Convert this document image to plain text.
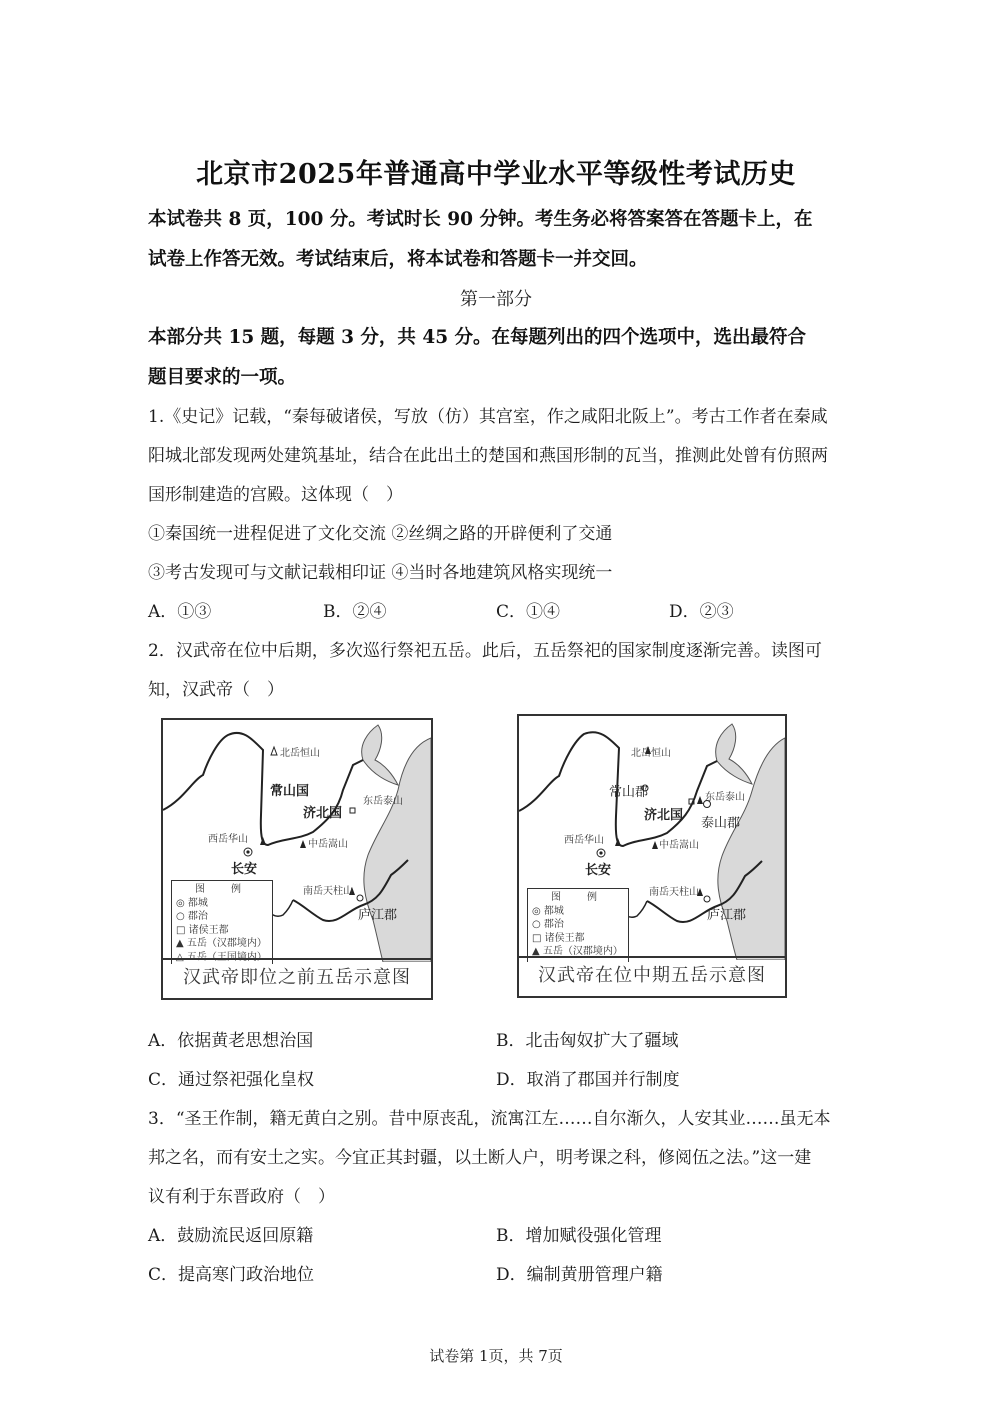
北京市2025年普通高中学业水平等级性考试历史
本试卷共 8 页，100 分。考试时长 90 分钟。考生务必将答案答在答题卡上，在
试卷上作答无效。考试结束后，将本试卷和答题卡一并交回。
第一部分
本部分共 15 题，每题 3 分，共 45 分。在每题列出的四个选项中，选出最符合
题目要求的一项。
1.《史记》记载，“秦每破诸侯，写放（仿）其宫室，作之咸阳北阪上”。考古工作者在秦咸
阳城北部发现两处建筑基址，结合在此出土的楚国和燕国形制的瓦当，推测此处曾有仿照两
国形制建造的宫殿。这体现（　）
①秦国统一进程促进了文化交流 ②丝绸之路的开辟便利了交通
③考古发现可与文献记载相印证 ④当时各地建筑风格实现统一
A．①③	B．②④	C．①④	D．②③
2．汉武帝在位中后期，多次巡行祭祀五岳。此后，五岳祭祀的国家制度逐渐完善。读图可
知，汉武帝（　）
北岳恒山
常山国
济北国
东岳泰山
西岳华山	中岳嵩山
长安
南岳天柱山
庐江郡
图　例
◎ 都城
○ 郡治
□ 诸侯王都
▲ 五岳（汉郡境内）
△ 五岳（王国境内）
汉武帝即位之前五岳示意图
北岳恒山
常山郡
济北国
东岳泰山
泰山郡
西岳华山	中岳嵩山
长安
南岳天柱山
庐江郡
图　例
◎ 都城
○ 郡治
□ 诸侯王都
▲ 五岳（汉郡境内）
汉武帝在位中期五岳示意图
A．依据黄老思想治国	B．北击匈奴扩大了疆域
C．通过祭祀强化皇权	D．取消了郡国并行制度
3．“圣王作制，籍无黄白之别。昔中原丧乱，流寓江左……自尔渐久，人安其业……虽无本
邦之名，而有安土之实。今宜正其封疆，以土断人户，明考课之科，修阅伍之法。”这一建
议有利于东晋政府（　）
A．鼓励流民返回原籍	B．增加赋役强化管理
C．提高寒门政治地位	D．编制黄册管理户籍
试卷第 1页，共 7页
